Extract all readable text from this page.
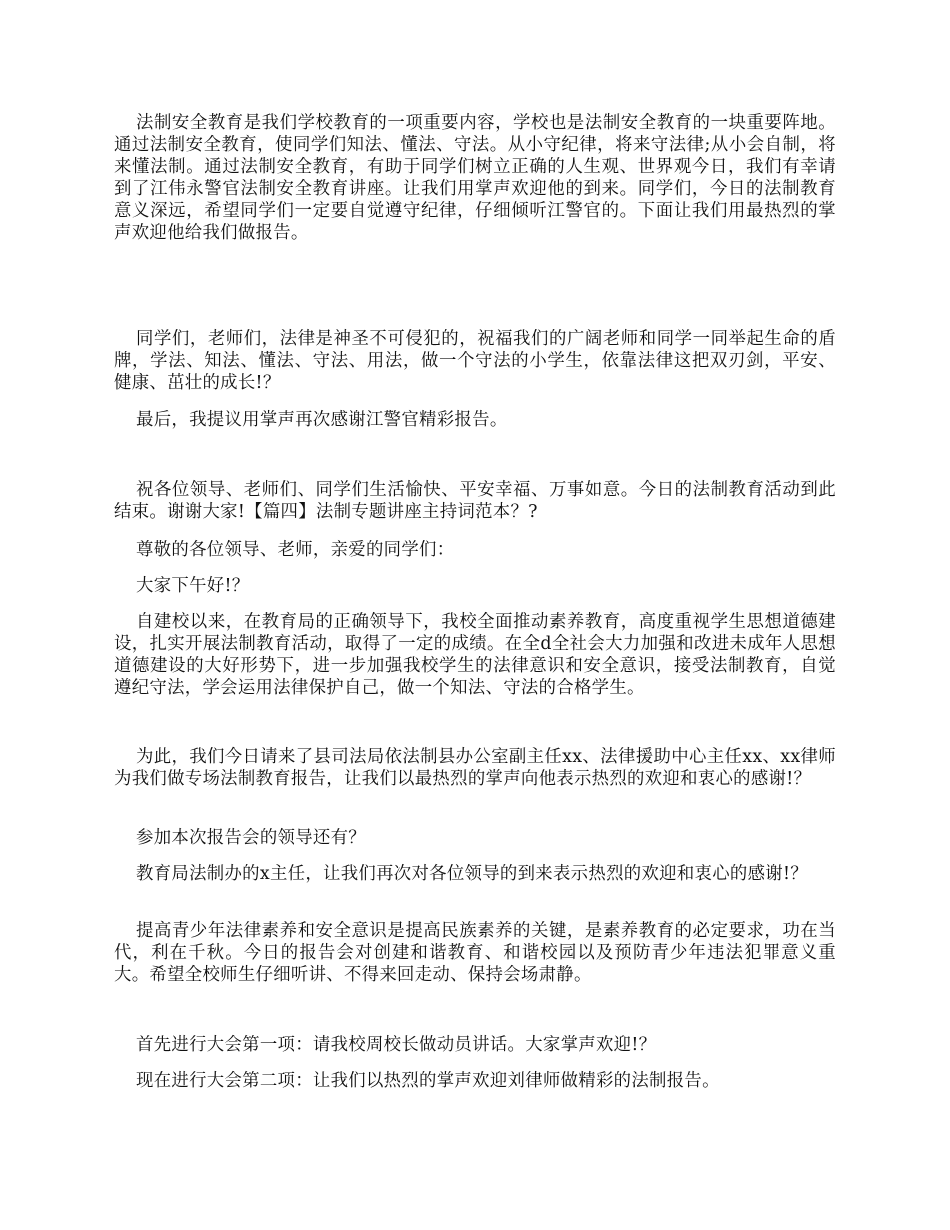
法制安全教育是我们学校教育的一项重要内容，学校也是法制安全教育的一块重要阵地。通过法制安全教育，使同学们知法、懂法、守法。从小守纪律，将来守法律;从小会自制，将来懂法制。通过法制安全教育，有助于同学们树立正确的人生观、世界观今日，我们有幸请到了江伟永警官法制安全教育讲座。让我们用掌声欢迎他的到来。同学们，今日的法制教育意义深远，希望同学们一定要自觉遵守纪律，仔细倾听江警官的。下面让我们用最热烈的掌声欢迎他给我们做报告。

同学们，老师们，法律是神圣不可侵犯的，祝福我们的广阔老师和同学一同举起生命的盾牌，学法、知法、懂法、守法、用法，做一个守法的小学生，依靠法律这把双刃剑，平安、健康、茁壮的成长!？

最后，我提议用掌声再次感谢江警官精彩报告。

祝各位领导、老师们、同学们生活愉快、平安幸福、万事如意。今日的法制教育活动到此结束。谢谢大家!【篇四】法制专题讲座主持词范本？?

尊敬的各位领导、老师，亲爱的同学们：

大家下午好!？

自建校以来，在教育局的正确领导下，我校全面推动素养教育，高度重视学生思想道德建设，扎实开展法制教育活动，取得了一定的成绩。在全d全社会大力加强和改进未成年人思想道德建设的大好形势下，进一步加强我校学生的法律意识和安全意识，接受法制教育，自觉遵纪守法，学会运用法律保护自己，做一个知法、守法的合格学生。

为此，我们今日请来了县司法局依法制县办公室副主任xx、法律援助中心主任xx、xx律师为我们做专场法制教育报告，让我们以最热烈的掌声向他表示热烈的欢迎和衷心的感谢!？

参加本次报告会的领导还有？

教育局法制办的x主任，让我们再次对各位领导的到来表示热烈的欢迎和衷心的感谢!？

提高青少年法律素养和安全意识是提高民族素养的关键，是素养教育的必定要求，功在当代，利在千秋。今日的报告会对创建和谐教育、和谐校园以及预防青少年违法犯罪意义重大。希望全校师生仔细听讲、不得来回走动、保持会场肃静。

首先进行大会第一项：请我校周校长做动员讲话。大家掌声欢迎!？

现在进行大会第二项：让我们以热烈的掌声欢迎刘律师做精彩的法制报告。
